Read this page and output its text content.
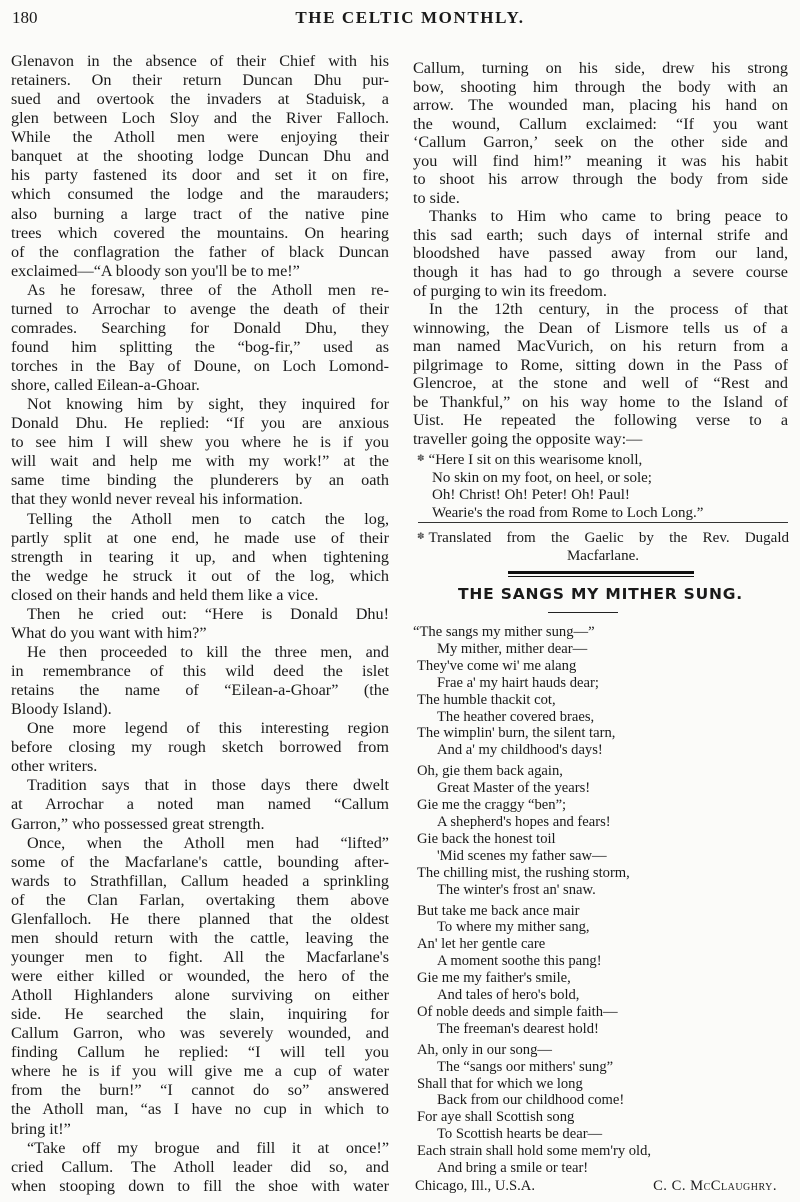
180	THE CELTIC MONTHLY.
Glenavon in the absence of their Chief with his
retainers. On their return Duncan Dhu pur-
sued and overtook the invaders at Staduisk, a
glen between Loch Sloy and the River Falloch.
While the Atholl men were enjoying their
banquet at the shooting lodge Duncan Dhu and
his party fastened its door and set it on fire,
which consumed the lodge and the marauders;
also burning a large tract of the native pine
trees which covered the mountains. On hearing
of the conflagration the father of black Duncan
exclaimed—“A bloody son you'll be to me!”
As he foresaw, three of the Atholl men re-
turned to Arrochar to avenge the death of their
comrades. Searching for Donald Dhu, they
found him splitting the “bog-fir,” used as
torches in the Bay of Doune, on Loch Lomond-
shore, called Eilean-a-Ghoar.
Not knowing him by sight, they inquired for
Donald Dhu. He replied: “If you are anxious
to see him I will shew you where he is if you
will wait and help me with my work!” at the
same time binding the plunderers by an oath
that they wonld never reveal his information.
Telling the Atholl men to catch the log,
partly split at one end, he made use of their
strength in tearing it up, and when tightening
the wedge he struck it out of the log, which
closed on their hands and held them like a vice.
Then he cried out: “Here is Donald Dhu!
What do you want with him?”
He then proceeded to kill the three men, and
in remembrance of this wild deed the islet
retains the name of “Eilean-a-Ghoar” (the
Bloody Island).
One more legend of this interesting region
before closing my rough sketch borrowed from
other writers.
Tradition says that in those days there dwelt
at Arrochar a noted man named “Callum
Garron,” who possessed great strength.
Once, when the Atholl men had “lifted”
some of the Macfarlane's cattle, bounding after-
wards to Strathfillan, Callum headed a sprinkling
of the Clan Farlan, overtaking them above
Glenfalloch. He there planned that the oldest
men should return with the cattle, leaving the
younger men to fight. All the Macfarlane's
were either killed or wounded, the hero of the
Atholl Highlanders alone surviving on either
side. He searched the slain, inquiring for
Callum Garron, who was severely wounded, and
finding Callum he replied: “I will tell you
where he is if you will give me a cup of water
from the burn!” “I cannot do so” answered
the Atholl man, “as I have no cup in which to
bring it!”
“Take off my brogue and fill it at once!”
cried Callum. The Atholl leader did so, and
when stooping down to fill the shoe with water
Callum, turning on his side, drew his strong
bow, shooting him through the body with an
arrow. The wounded man, placing his hand on
the wound, Callum exclaimed: “If you want
‘Callum Garron,’ seek on the other side and
you will find him!” meaning it was his habit
to shoot his arrow through the body from side
to side.
Thanks to Him who came to bring peace to
this sad earth; such days of internal strife and
bloodshed have passed away from our land,
though it has had to go through a severe course
of purging to win its freedom.
In the 12th century, in the process of that
winnowing, the Dean of Lismore tells us of a
man named MacVurich, on his return from a
pilgrimage to Rome, sitting down in the Pass of
Glencroe, at the stone and well of “Rest and
be Thankful,” on his way home to the Island of
Uist. He repeated the following verse to a
traveller going the opposite way:—
✽ “Here I sit on this wearisome knoll,
No skin on my foot, on heel, or sole;
Oh! Christ! Oh! Peter! Oh! Paul!
Wearie's the road from Rome to Loch Long.”
✽ Translated from the Gaelic by the Rev. Dugald
Macfarlane.
THE SANGS MY MITHER SUNG.
“The sangs my mither sung—”
My mither, mither dear—
They've come wi' me alang
Frae a' my hairt hauds dear;
The humble thackit cot,
The heather covered braes,
The wimplin' burn, the silent tarn,
And a' my childhood's days!
Oh, gie them back again,
Great Master of the years!
Gie me the craggy “ben”;
A shepherd's hopes and fears!
Gie back the honest toil
'Mid scenes my father saw—
The chilling mist, the rushing storm,
The winter's frost an' snaw.
But take me back ance mair
To where my mither sang,
An' let her gentle care
A moment soothe this pang!
Gie me my faither's smile,
And tales of hero's bold,
Of noble deeds and simple faith—
The freeman's dearest hold!
Ah, only in our song—
The “sangs oor mithers' sung”
Shall that for which we long
Back from our childhood come!
For aye shall Scottish song
To Scottish hearts be dear—
Each strain shall hold some mem'ry old,
And bring a smile or tear!
Chicago, Ill., U.S.A.	C. C. McClaughry.
